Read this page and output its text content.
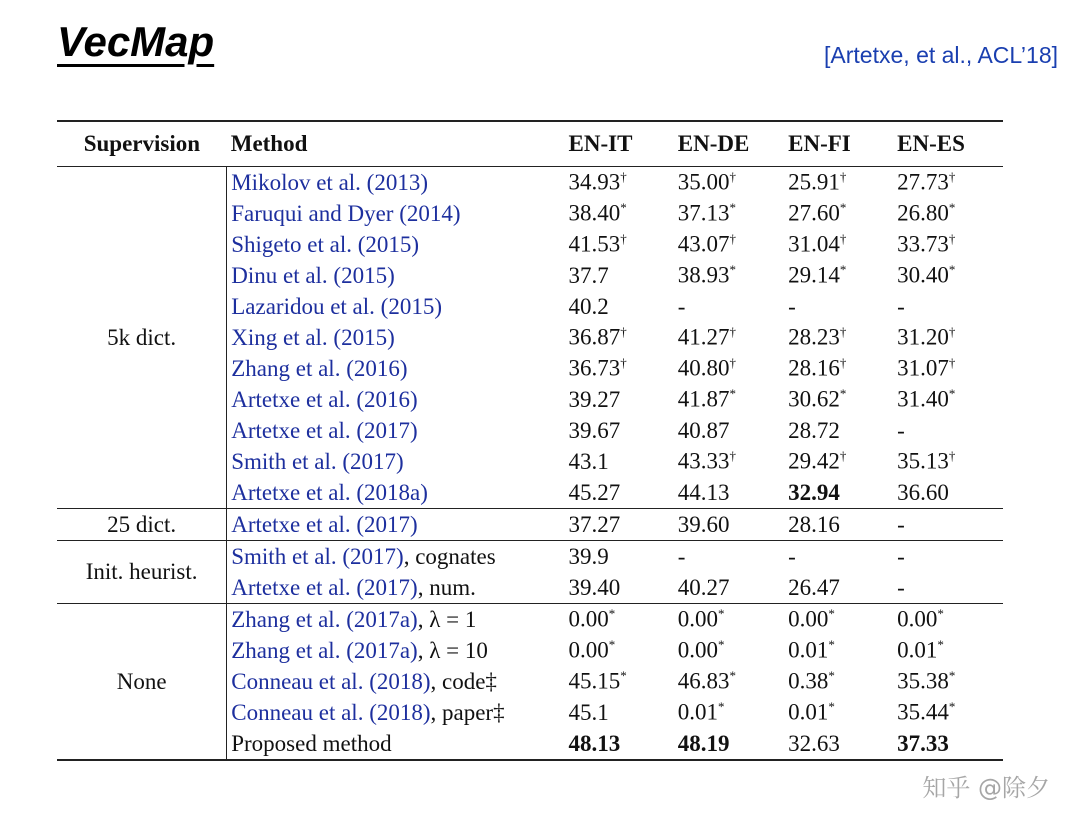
VecMap	[Artetxe, et al., ACL’18]
Supervision	Method	EN-IT	EN-DE	EN-FI	EN-ES
5k dict.	Mikolov et al. (2013)	34.93†	35.00†	25.91†	27.73†
	Faruqui and Dyer (2014)	38.40*	37.13*	27.60*	26.80*
	Shigeto et al. (2015)	41.53†	43.07†	31.04†	33.73†
	Dinu et al. (2015)	37.7	38.93*	29.14*	30.40*
	Lazaridou et al. (2015)	40.2	-	-	-
	Xing et al. (2015)	36.87†	41.27†	28.23†	31.20†
	Zhang et al. (2016)	36.73†	40.80†	28.16†	31.07†
	Artetxe et al. (2016)	39.27	41.87*	30.62*	31.40*
	Artetxe et al. (2017)	39.67	40.87	28.72	-
	Smith et al. (2017)	43.1	43.33†	29.42†	35.13†
	Artetxe et al. (2018a)	45.27	44.13	32.94	36.60
25 dict.	Artetxe et al. (2017)	37.27	39.60	28.16	-
Init. heurist.	Smith et al. (2017), cognates	39.9	-	-	-
	Artetxe et al. (2017), num.	39.40	40.27	26.47	-
None	Zhang et al. (2017a), λ = 1	0.00*	0.00*	0.00*	0.00*
	Zhang et al. (2017a), λ = 10	0.00*	0.00*	0.01*	0.01*
	Conneau et al. (2018), code‡	45.15*	46.83*	0.38*	35.38*
	Conneau et al. (2018), paper‡	45.1	0.01*	0.01*	35.44*
	Proposed method	48.13	48.19	32.63	37.33
知乎 @除夕
